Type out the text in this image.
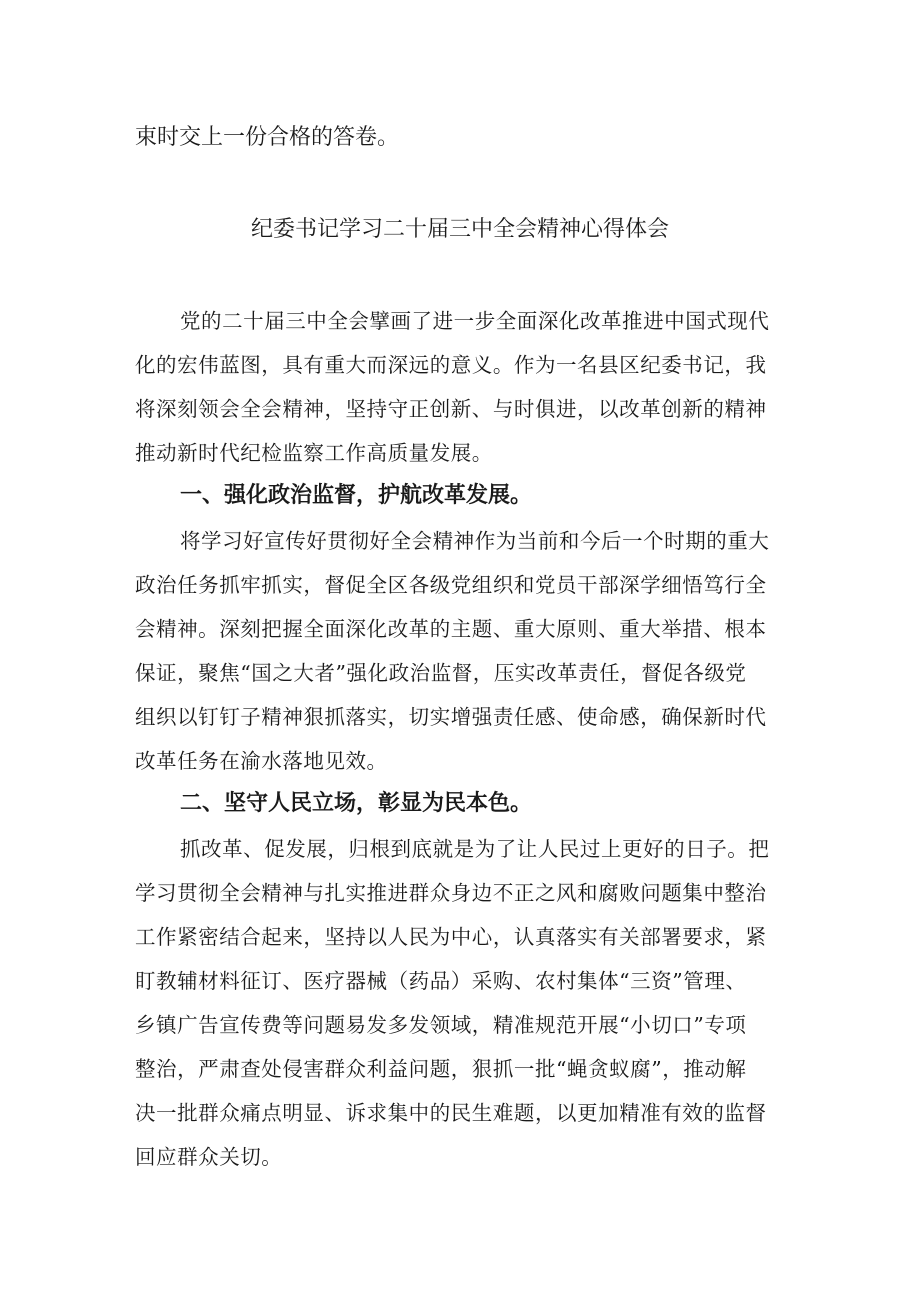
束时交上一份合格的答卷。

纪委书记学习二十届三中全会精神心得体会

党的二十届三中全会擘画了进一步全面深化改革推进中国式现代

化的宏伟蓝图，具有重大而深远的意义。作为一名县区纪委书记，我

将深刻领会全会精神，坚持守正创新、与时俱进，以改革创新的精神

推动新时代纪检监察工作高质量发展。

一、强化政治监督，护航改革发展。

将学习好宣传好贯彻好全会精神作为当前和今后一个时期的重大

政治任务抓牢抓实，督促全区各级党组织和党员干部深学细悟笃行全

会精神。深刻把握全面深化改革的主题、重大原则、重大举措、根本

保证，聚焦“国之大者”强化政治监督，压实改革责任，督促各级党

组织以钉钉子精神狠抓落实，切实增强责任感、使命感，确保新时代

改革任务在渝水落地见效。

二、坚守人民立场，彰显为民本色。

抓改革、促发展，归根到底就是为了让人民过上更好的日子。把

学习贯彻全会精神与扎实推进群众身边不正之风和腐败问题集中整治

工作紧密结合起来，坚持以人民为中心，认真落实有关部署要求，紧

盯教辅材料征订、医疗器械（药品）采购、农村集体“三资”管理、

乡镇广告宣传费等问题易发多发领域，精准规范开展“小切口”专项

整治，严肃查处侵害群众利益问题，狠抓一批“蝇贪蚁腐”，推动解

决一批群众痛点明显、诉求集中的民生难题，以更加精准有效的监督

回应群众关切。
